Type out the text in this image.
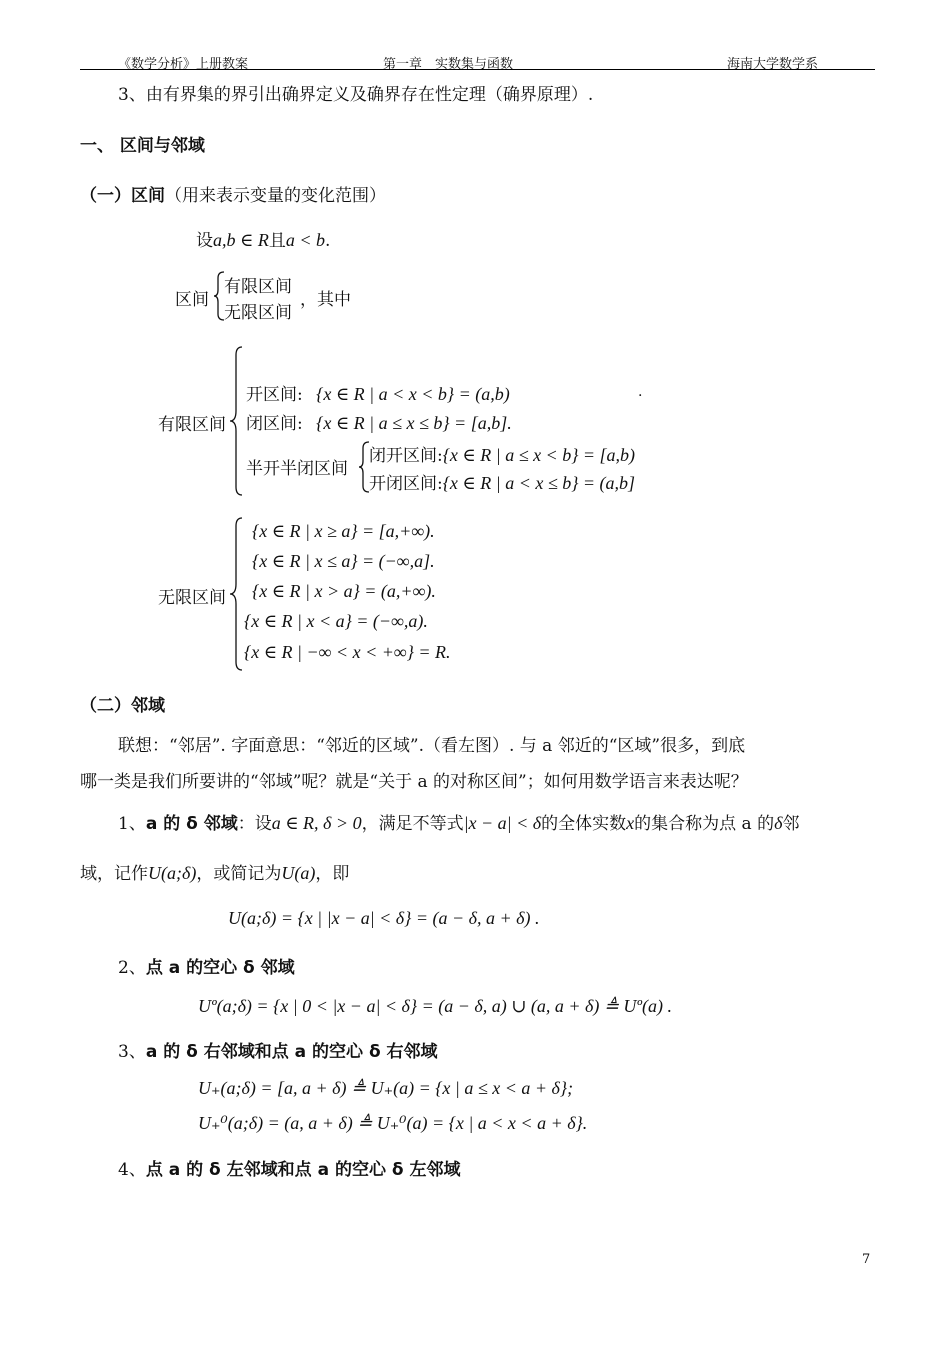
《数学分析》上册教案	第一章　实数集与函数	海南大学数学系
3、由有界集的界引出确界定义及确界存在性定理（确界原理）.
一、 区间与邻域
（一）区间（用来表示变量的变化范围）
设a,b ∈ R且a < b.
区间
有限区间
无限区间
，其中
有限区间
开区间: {x ∈ R | a < x < b} = (a,b)	.
闭区间: {x ∈ R | a ≤ x ≤ b} = [a,b].
半开半闭区间
闭开区间:{x ∈ R | a ≤ x < b} = [a,b)
开闭区间:{x ∈ R | a < x ≤ b} = (a,b]
无限区间
{x ∈ R | x ≥ a} = [a,+∞).
{x ∈ R | x ≤ a} = (−∞,a].
{x ∈ R | x > a} = (a,+∞).
{x ∈ R | x < a} = (−∞,a).
{x ∈ R | −∞ < x < +∞} = R.
（二）邻域
联想：“邻居”. 字面意思：“邻近的区域”.（看左图）. 与 a 邻近的“区域”很多，到底
哪一类是我们所要讲的“邻域”呢？就是“关于 a 的对称区间”；如何用数学语言来表达呢？
1、a 的 δ 邻域：设a ∈ R, δ > 0，满足不等式|x − a| < δ的全体实数x的集合称为点 a 的δ邻
域，记作U(a;δ)，或简记为U(a)，即
U(a;δ) = {x | |x − a| < δ} = (a − δ, a + δ) .
2、点 a 的空心 δ 邻域
Uº(a;δ) = {x | 0 < |x − a| < δ} = (a − δ, a) ∪ (a, a + δ) ≜ Uº(a) .
3、a 的 δ 右邻域和点 a 的空心 δ 右邻域
U₊(a;δ) = [a, a + δ) ≜ U₊(a) = {x | a ≤ x < a + δ};
U₊⁰(a;δ) = (a, a + δ) ≜ U₊⁰(a) = {x | a < x < a + δ}.
4、点 a 的 δ 左邻域和点 a 的空心 δ 左邻域
7
